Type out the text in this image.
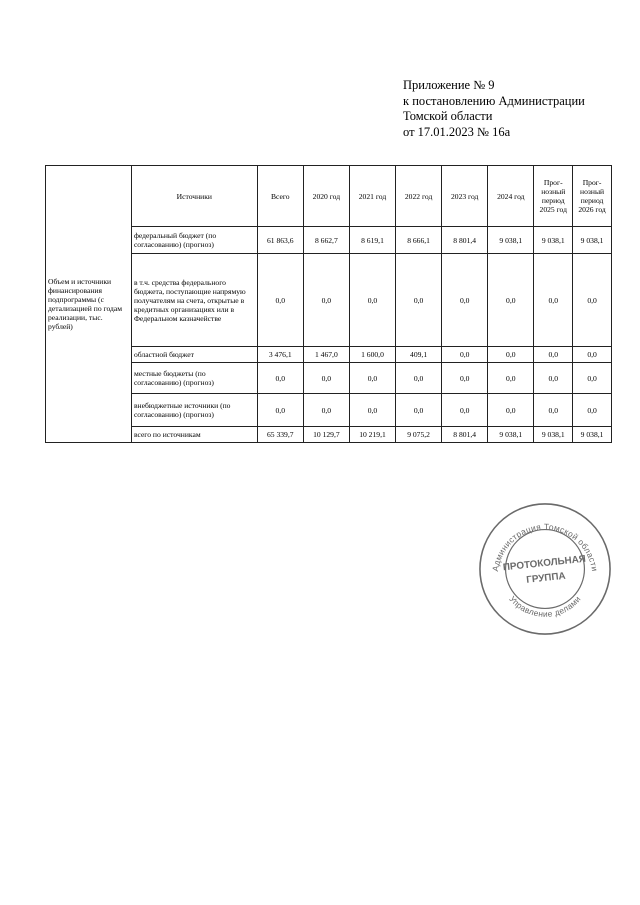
Приложение № 9
к постановлению Администрации
Томской области
от 17.01.2023 № 16а
Объем и источники финансирования подпрограммы (с детализацией по годам реализации, тыс. рублей)	Источники	Всего	2020 год	2021 год	2022 год	2023 год	2024 год	Прог-нозный период 2025 год	Прог-нозный период 2026 год
	федеральный бюджет (по согласованию) (прогноз)	61 863,6	8 662,7	8 619,1	8 666,1	8 801,4	9 038,1	9 038,1	9 038,1
	в т.ч. средства федерального бюджета, поступающие напрямую получателям на счета, открытые в кредитных организациях или в Федеральном казначействе	0,0	0,0	0,0	0,0	0,0	0,0	0,0	0,0
	областной бюджет	3 476,1	1 467,0	1 600,0	409,1	0,0	0,0	0,0	0,0
	местные бюджеты (по согласованию) (прогноз)	0,0	0,0	0,0	0,0	0,0	0,0	0,0	0,0
	внебюджетные источники (по согласованию) (прогноз)	0,0	0,0	0,0	0,0	0,0	0,0	0,0	0,0
	всего по источникам	65 339,7	10 129,7	10 219,1	9 075,2	8 801,4	9 038,1	9 038,1	9 038,1
Администрация Томской области
Управление делами
ПРОТОКОЛЬНАЯ
ГРУППА
